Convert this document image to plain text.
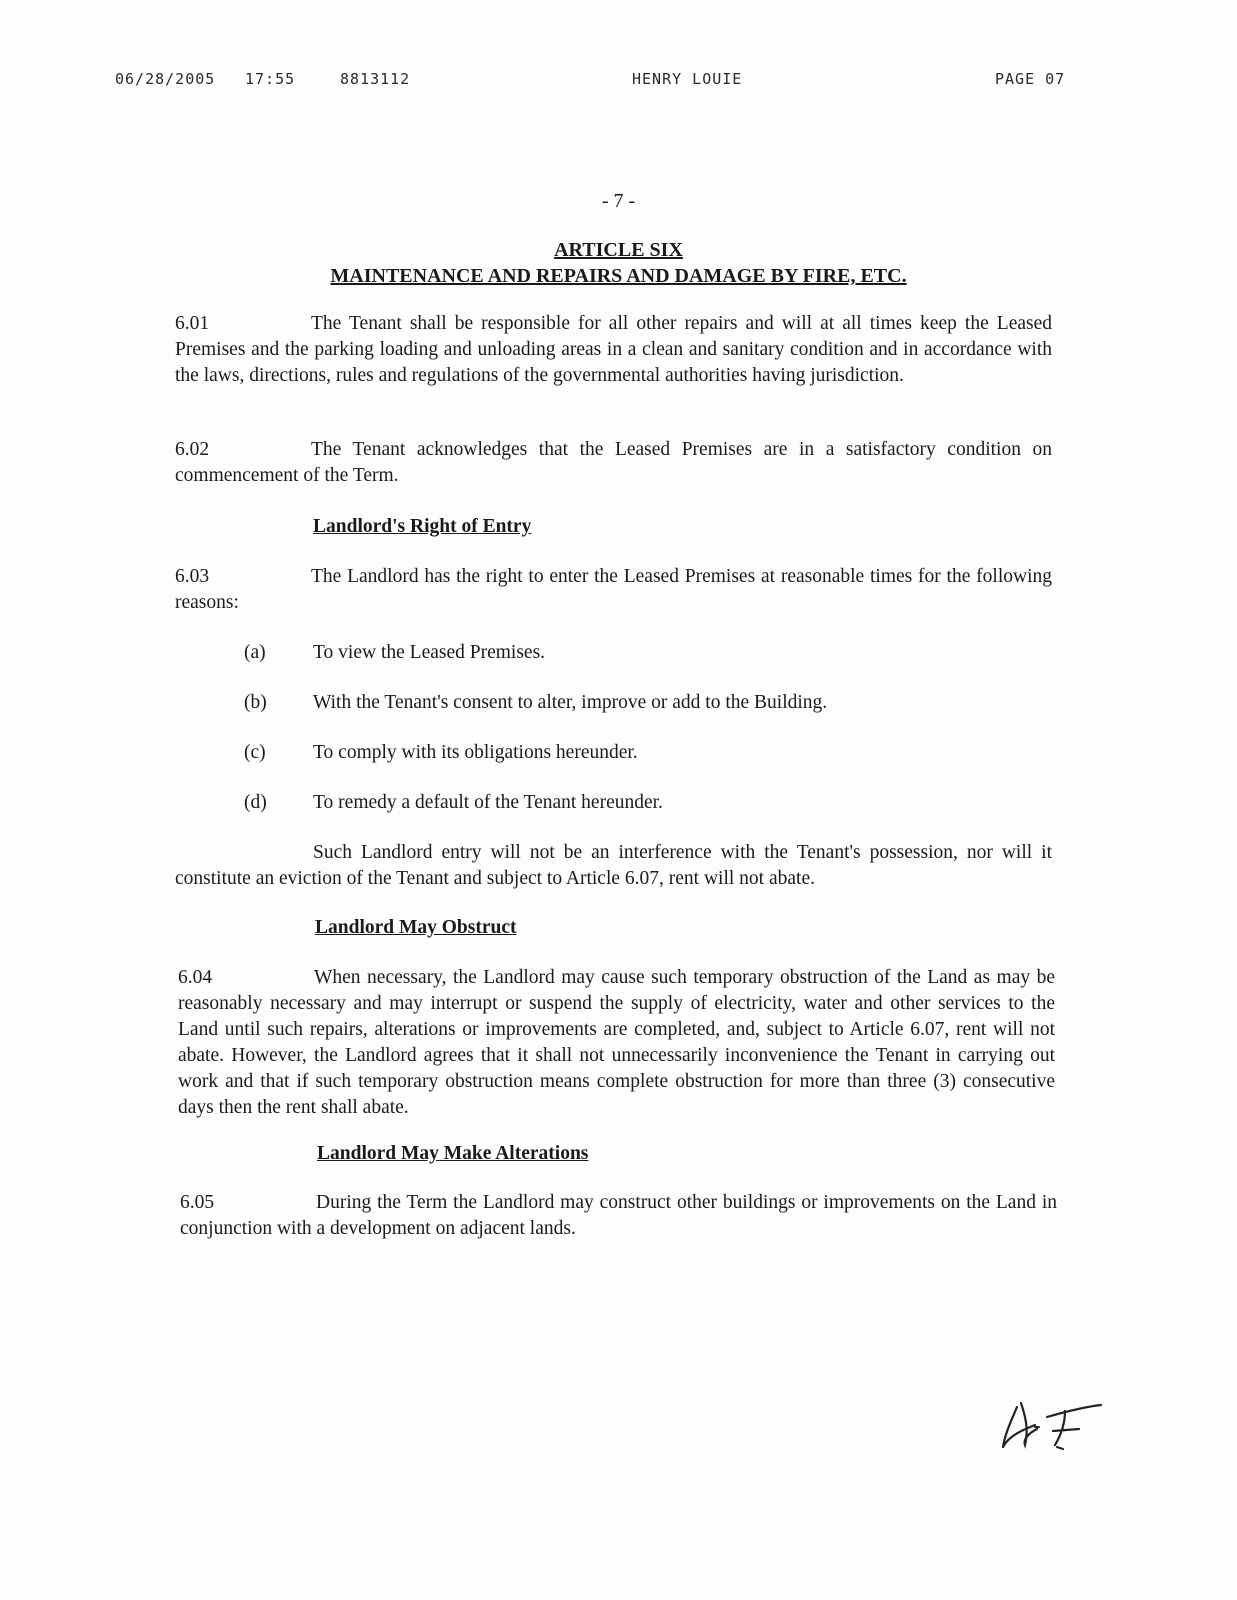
06/28/2005 17:55	8813112	HENRY LOUIE	PAGE 07
- 7 -
ARTICLE SIX
MAINTENANCE AND REPAIRS AND DAMAGE BY FIRE, ETC.
6.01	The Tenant shall be responsible for all other repairs and will at all times keep the Leased Premises and the parking loading and unloading areas in a clean and sanitary condition and in accordance with the laws, directions, rules and regulations of the governmental authorities having jurisdiction.
6.02	The Tenant acknowledges that the Leased Premises are in a satisfactory condition on commencement of the Term.
Landlord's Right of Entry
6.03	The Landlord has the right to enter the Leased Premises at reasonable times for the following reasons:
(a) To view the Leased Premises.
(b) With the Tenant's consent to alter, improve or add to the Building.
(c) To comply with its obligations hereunder.
(d) To remedy a default of the Tenant hereunder.
Such Landlord entry will not be an interference with the Tenant's possession, nor will it constitute an eviction of the Tenant and subject to Article 6.07, rent will not abate.
Landlord May Obstruct
6.04	When necessary, the Landlord may cause such temporary obstruction of the Land as may be reasonably necessary and may interrupt or suspend the supply of electricity, water and other services to the Land until such repairs, alterations or improvements are completed, and, subject to Article 6.07, rent will not abate. However, the Landlord agrees that it shall not unnecessarily inconvenience the Tenant in carrying out work and that if such temporary obstruction means complete obstruction for more than three (3) consecutive days then the rent shall abate.
Landlord May Make Alterations
6.05	During the Term the Landlord may construct other buildings or improvements on the Land in conjunction with a development on adjacent lands.
